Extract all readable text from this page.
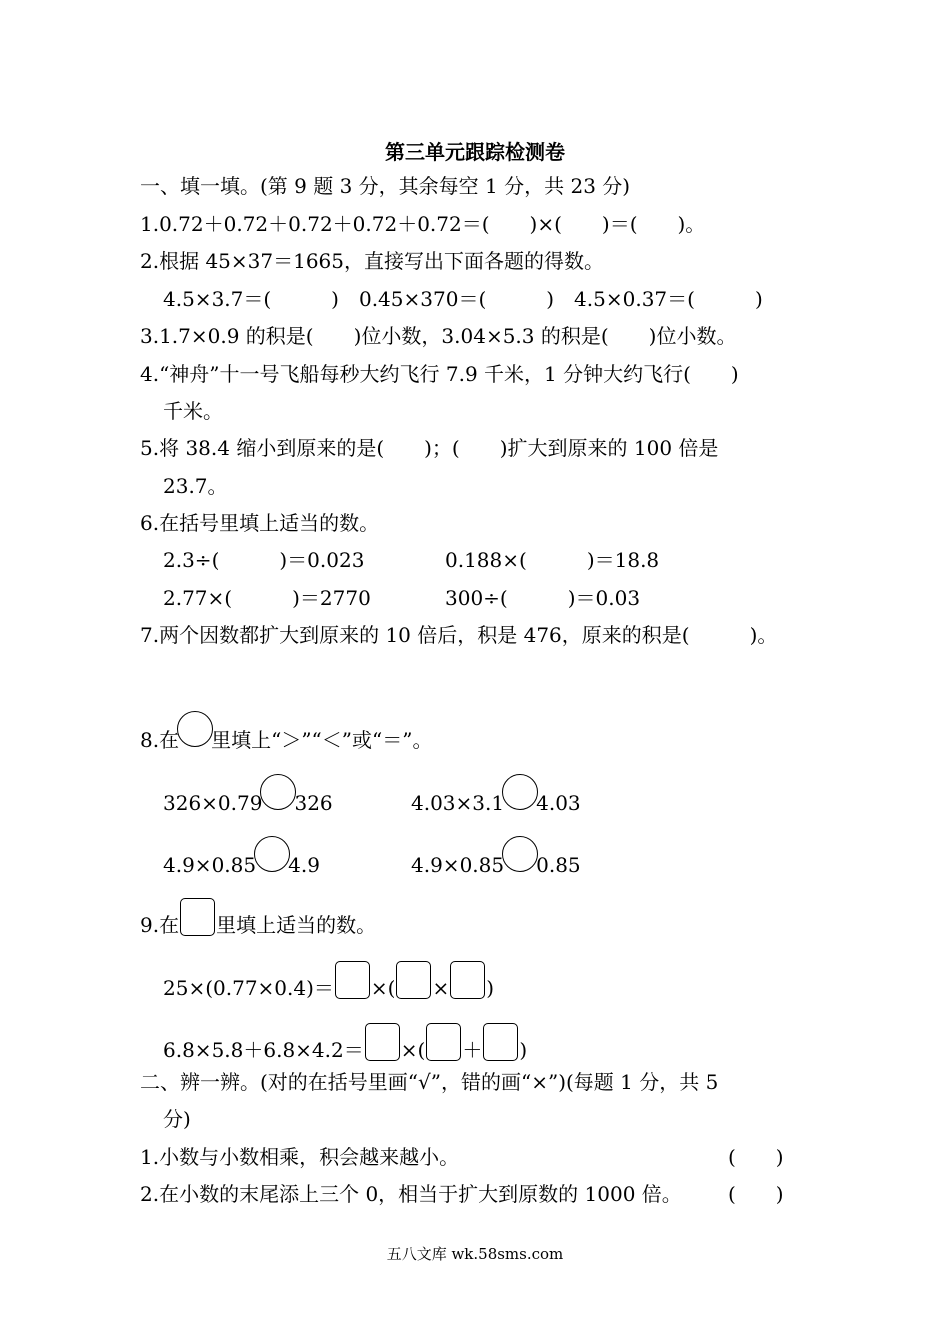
第三单元跟踪检测卷
一、填一填。(第 9 题 3 分，其余每空 1 分，共 23 分)
1.0.72＋0.72＋0.72＋0.72＋0.72＝(　　)×(　　)＝(　　)。
2.根据 45×37＝1665，直接写出下面各题的得数。
4.5×3.7＝(　　　)　0.45×370＝(　　　)　4.5×0.37＝(　　　)
3.1.7×0.9 的积是(　　)位小数，3.04×5.3 的积是(　　)位小数。
4.“神舟”十一号飞船每秒大约飞行 7.9 千米，1 分钟大约飞行(　　)
千米。
5.将 38.4 缩小到原来的是(　　)；(　　)扩大到原来的 100 倍是
23.7。
6.在括号里填上适当的数。
2.3÷(　　　)＝0.023	0.188×(　　　)＝18.8
2.77×(　　　)＝2770	300÷(　　　)＝0.03
7.两个因数都扩大到原来的 10 倍后，积是 476，原来的积是(　　　)。
8.在 里填上“＞”“＜”或“＝”。
326×0.79 326	4.03×3.1 4.03
4.9×0.85 4.9	4.9×0.85 0.85
9.在 里填上适当的数。
25×(0.77×0.4)＝ ×( × )
6.8×5.8＋6.8×4.2＝ ×( ＋ )
二、辨一辨。(对的在括号里画“√”，错的画“×”)(每题 1 分，共 5
分)
1.小数与小数相乘，积会越来越小。	(　　)
2.在小数的末尾添上三个 0，相当于扩大到原数的 1000 倍。 (　　)
五八文库 wk.58sms.com
